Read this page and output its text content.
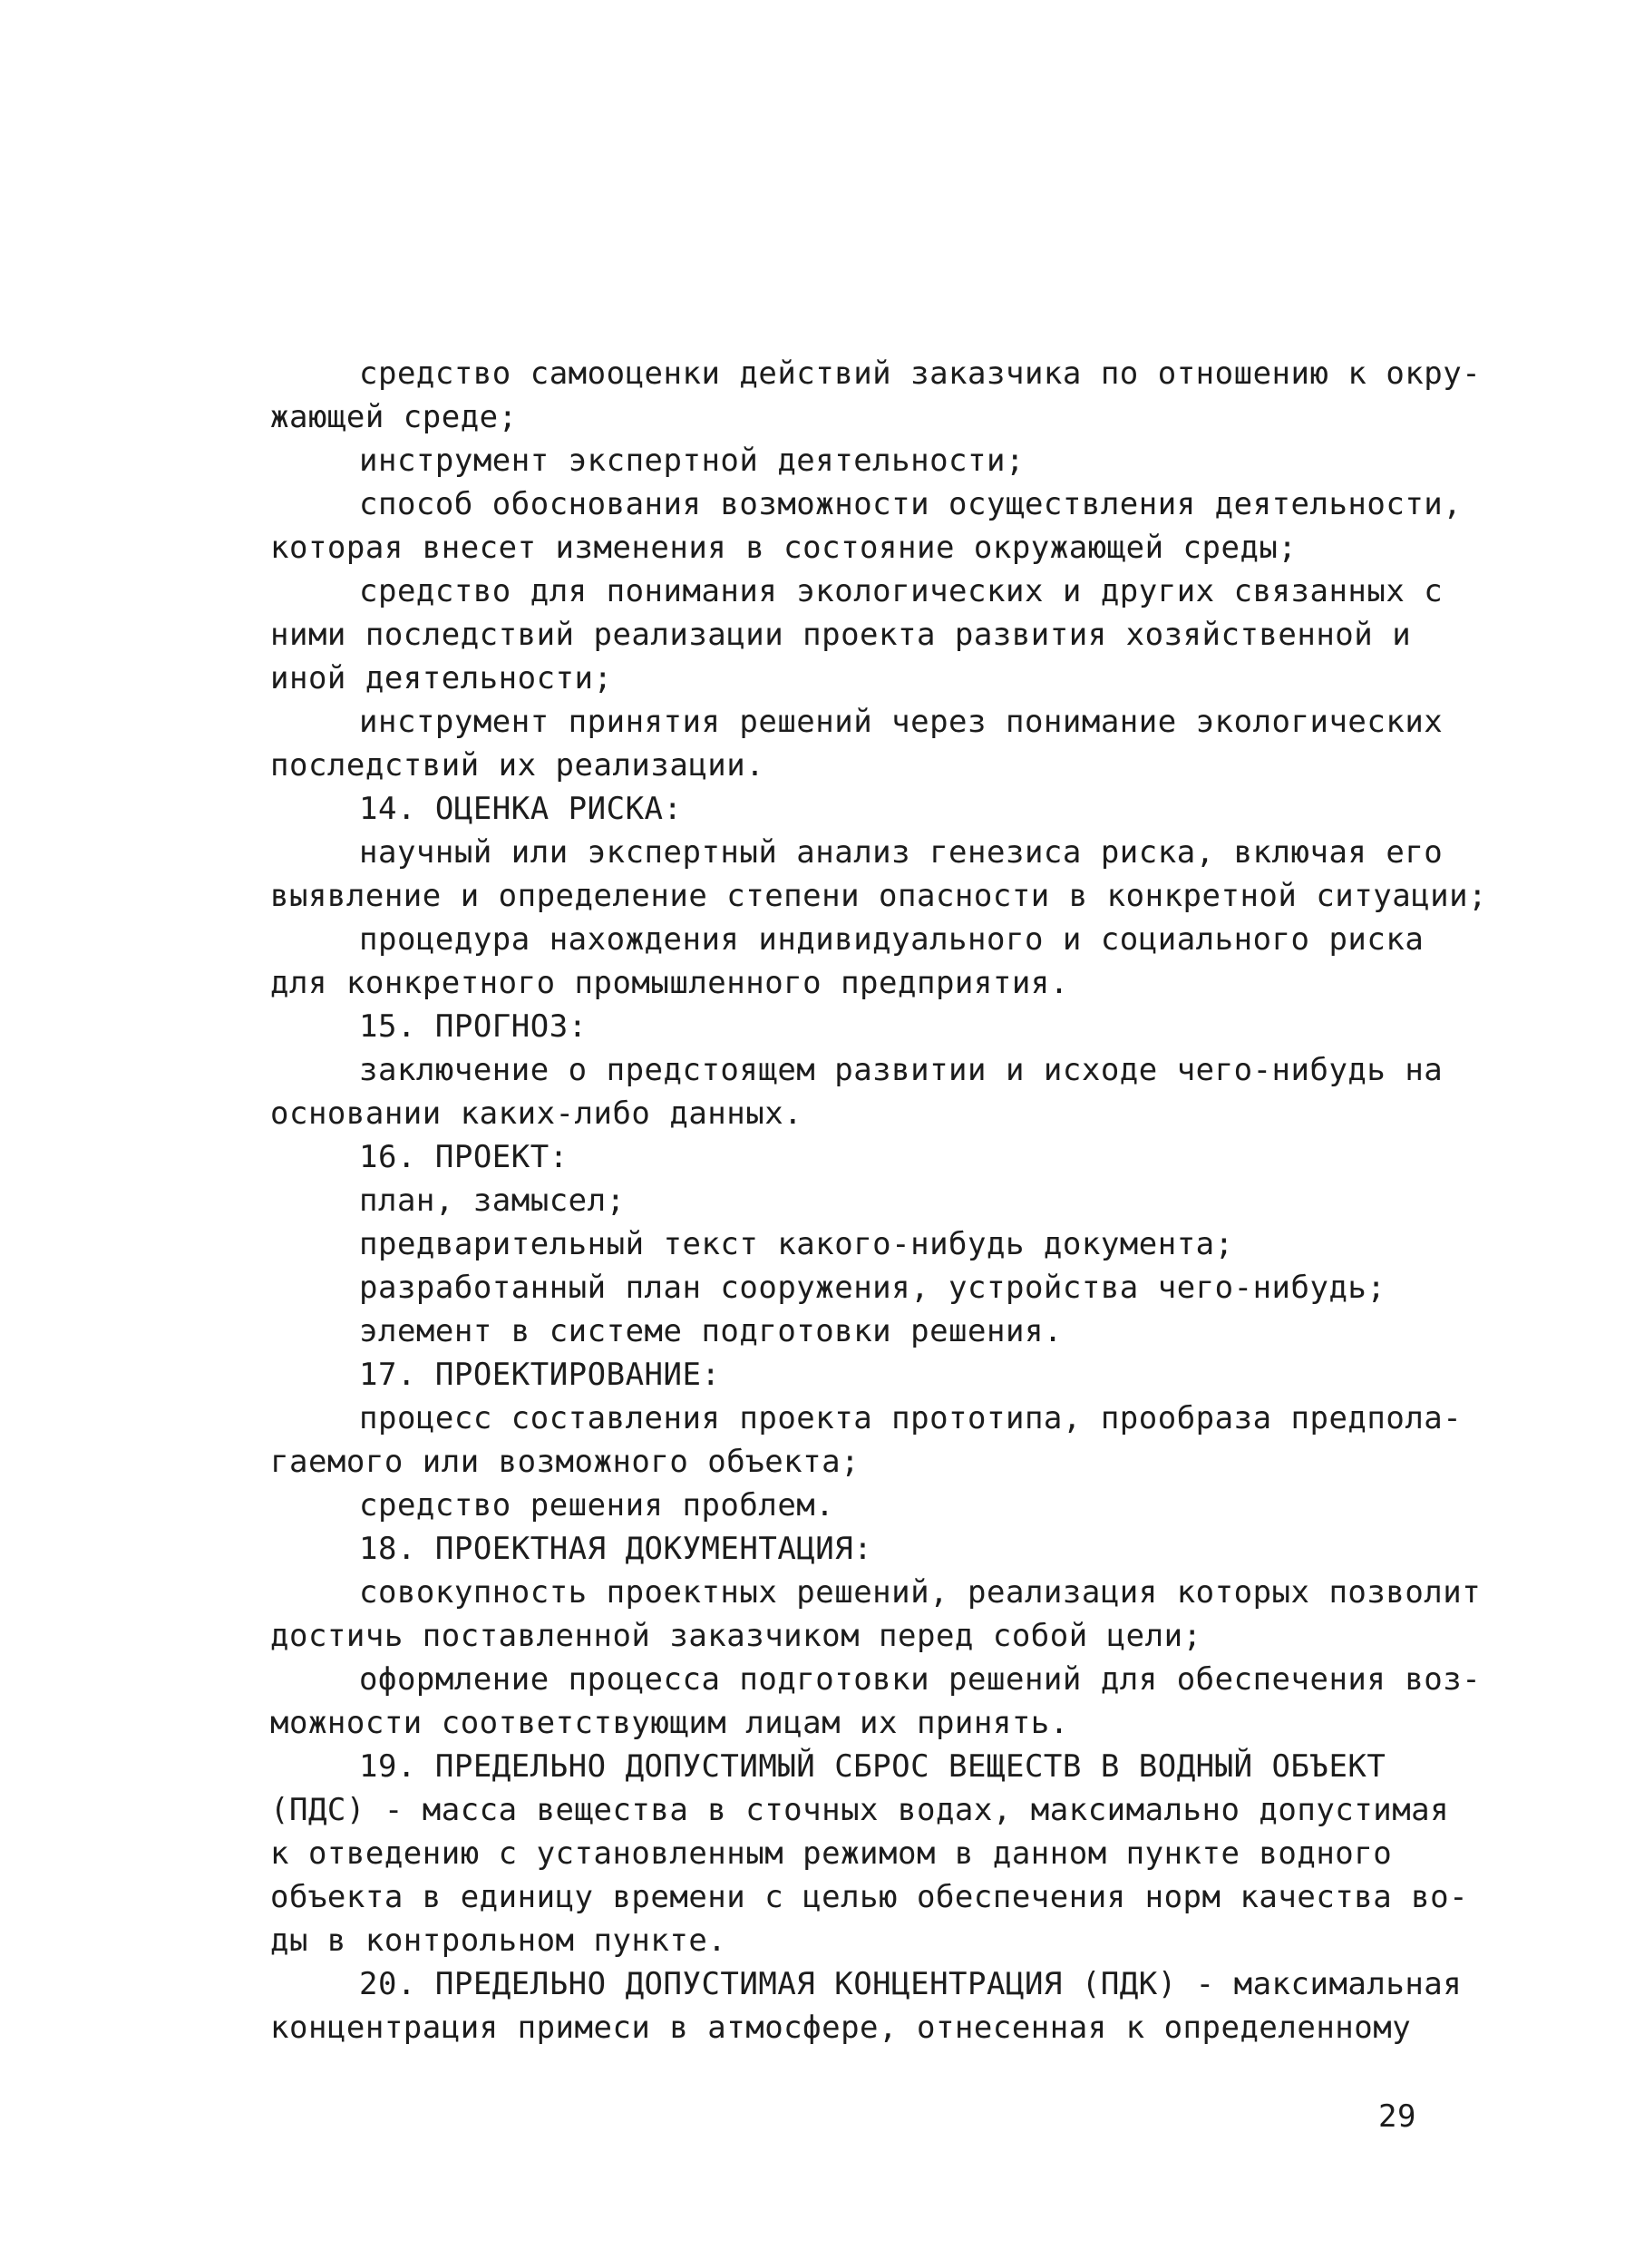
средство самооценки действий заказчика по отношению к окру-
жающей среде;
инструмент экспертной деятельности;
способ обоснования возможности осуществления деятельности,
которая внесет изменения в состояние окружающей среды;
средство для понимания экологических и других связанных с
ними последствий реализации проекта развития хозяйственной и
иной деятельности;
инструмент принятия решений через понимание экологических
последствий их реализации.
14. ОЦЕНКА РИСКА:
научный или экспертный анализ генезиса риска, включая его
выявление и определение степени опасности в конкретной ситуации;
процедура нахождения индивидуального и социального риска
для конкретного промышленного предприятия.
15. ПРОГНОЗ:
заключение о предстоящем развитии и исходе чего-нибудь на
основании каких-либо данных.
16. ПРОЕКТ:
план, замысел;
предварительный текст какого-нибудь документа;
разработанный план сооружения, устройства чего-нибудь;
элемент в системе подготовки решения.
17. ПРОЕКТИРОВАНИЕ:
процесс составления проекта прототипа, прообраза предпола-
гаемого или возможного объекта;
средство решения проблем.
18. ПРОЕКТНАЯ ДОКУМЕНТАЦИЯ:
совокупность проектных решений, реализация которых позволит
достичь поставленной заказчиком перед собой цели;
оформление процесса подготовки решений для обеспечения воз-
можности соответствующим лицам их принять.
19. ПРЕДЕЛЬНО ДОПУСТИМЫЙ СБРОС ВЕЩЕСТВ В ВОДНЫЙ ОБЪЕКТ
(ПДС) - масса вещества в сточных водах, максимально допустимая
к отведению с установленным режимом в данном пункте водного
объекта в единицу времени с целью обеспечения норм качества во-
ды в контрольном пункте.
20. ПРЕДЕЛЬНО ДОПУСТИМАЯ КОНЦЕНТРАЦИЯ (ПДК) - максимальная
концентрация примеси в атмосфере, отнесенная к определенному
29
